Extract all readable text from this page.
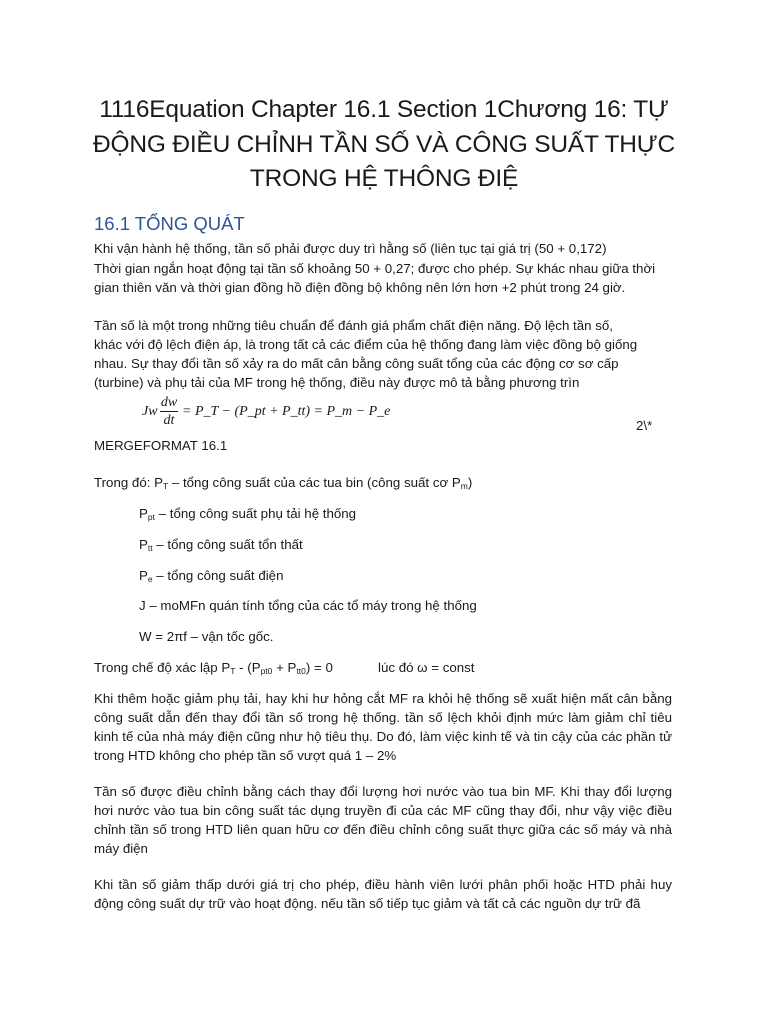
1116Equation Chapter 16.1 Section 1Chương 16: TỰ
ĐỘNG ĐIỀU CHỈNH TẦN SỐ VÀ CÔNG SUẤT THỰC
TRONG HỆ THÔNG ĐIỆ
16.1 TỔNG QUÁT
Khi vận hành hệ thống, tần số phải được duy trì hằng số (liên tục tại giá trị (50 + 0,172)
Thời gian ngắn hoạt động tại tần số khoảng 50 + 0,27; được cho phép. Sự khác nhau giữa thời
gian thiên văn và thời gian đồng hồ điện đồng bộ không nên lớn hơn +2 phút trong 24 giờ.
Tần số là một trong những tiêu chuẩn để đánh giá phẩm chất điện năng. Độ lệch tần số,
khác với độ lệch điện áp, là trong tất cả các điểm của hệ thống đang làm việc đồng bộ giống
nhau. Sự thay đổi tần số xảy ra do mất cân bằng công suất tổng của các động cơ sơ cấp
(turbine) và phụ tải của MF trong hệ thống, điều này được mô tả bằng phương trìn
Jw $\frac{dw}{dt}$ = P_T − (P_pt + P_tt) = P_m − P_e
2\*
MERGEFORMAT 16.1
Trong đó: $P_T$ – tổng công suất của các tua bin (công suất cơ $P_m$)
$P_{pt}$ – tổng công suất phụ tải hệ thống
$P_{tt}$ – tổng công suất tổn thất
$P_e$ – tổng công suất điện
J – moMFn quán tính tổng của các tổ máy trong hệ thống
W = 2πf – vận tốc gốc.
Trong chế độ xác lập $P_T - (P_{pt0} + P_{tt0}) = 0$	lúc đó ω = const
Khi thêm hoặc giảm phụ tải, hay khi hư hỏng cắt MF ra khỏi hệ thống sẽ xuất hiện mất cân bằng công suất dẫn đến thay đổi tần số trong hệ thống. tần số lệch khỏi định mức làm giảm chỉ tiêu kinh tế của nhà máy điện cũng như hộ tiêu thụ. Do đó, làm việc kinh tế và tin cậy của các phần tử trong HTD không cho phép tần số vượt quá 1 – 2%
Tần số được điều chỉnh bằng cách thay đổi lượng hơi nước vào tua bin MF. Khi thay đổi lượng hơi nước vào tua bin công suất tác dụng truyền đi của các MF cũng thay đổi, như vậy việc điều chỉnh tần số trong HTD liên quan hữu cơ đến điều chỉnh công suất thực giữa các số máy và nhà máy điện
Khi tần số giảm thấp dưới giá trị cho phép, điều hành viên lưới phân phối hoặc HTD phải huy động công suất dự trữ vào hoạt động. nếu tần số tiếp tục giảm và tất cả các nguồn dự trữ đã
